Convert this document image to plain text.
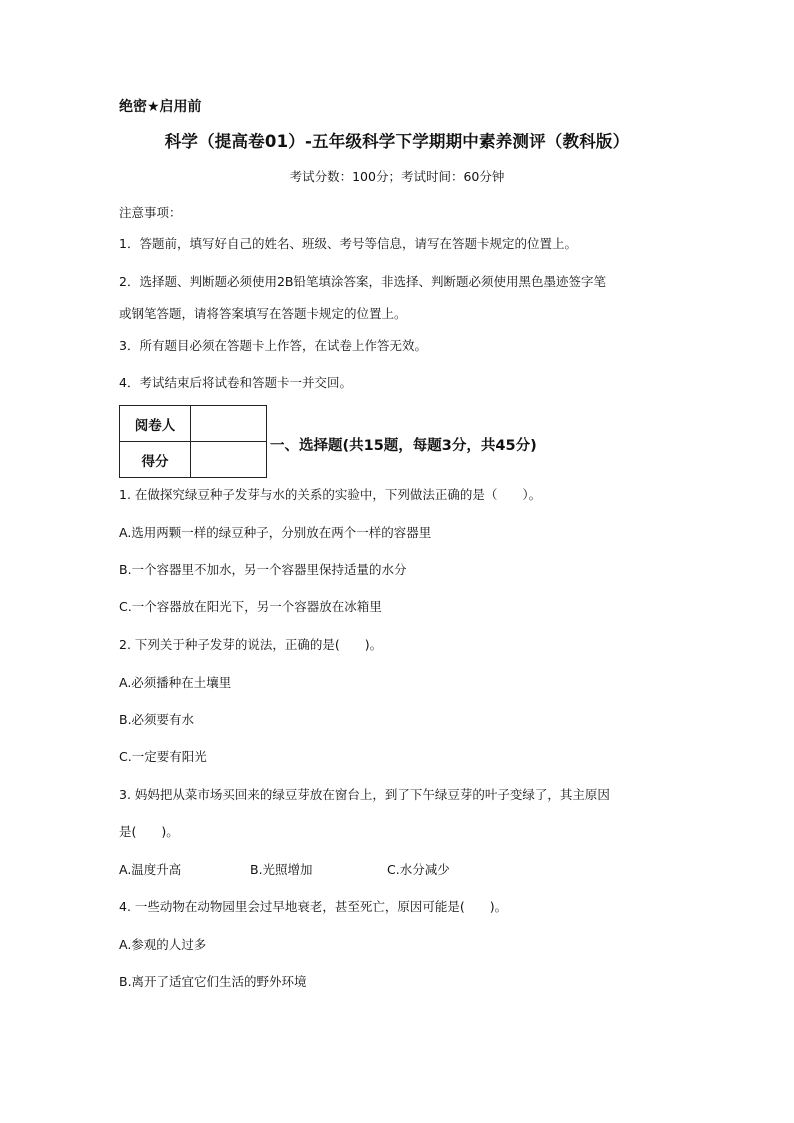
绝密★启用前
科学（提高卷01）-五年级科学下学期期中素养测评（教科版）
考试分数：100分；考试时间：60分钟
注意事项：
1．答题前，填写好自己的姓名、班级、考号等信息，请写在答题卡规定的位置上。
2．选择题、判断题必须使用2B铅笔填涂答案，非选择、判断题必须使用黑色墨迹签字笔
或钢笔答题，请将答案填写在答题卡规定的位置上。
3．所有题目必须在答题卡上作答，在试卷上作答无效。
4．考试结束后将试卷和答题卡一并交回。
阅卷人	
得分	
一、选择题(共15题，每题3分，共45分)
1. 在做探究绿豆种子发芽与水的关系的实验中，下列做法正确的是（　　）。
A.选用两颗一样的绿豆种子，分别放在两个一样的容器里
B.一个容器里不加水，另一个容器里保持适量的水分
C.一个容器放在阳光下，另一个容器放在冰箱里
2. 下列关于种子发芽的说法，正确的是(　　)。
A.必须播种在土壤里
B.必须要有水
C.一定要有阳光
3. 妈妈把从菜市场买回来的绿豆芽放在窗台上，到了下午绿豆芽的叶子变绿了，其主原因
是(　　)。
A.温度升高	B.光照增加	C.水分减少
4. 一些动物在动物园里会过早地衰老，甚至死亡，原因可能是(　　)。
A.参观的人过多
B.离开了适宜它们生活的野外环境
